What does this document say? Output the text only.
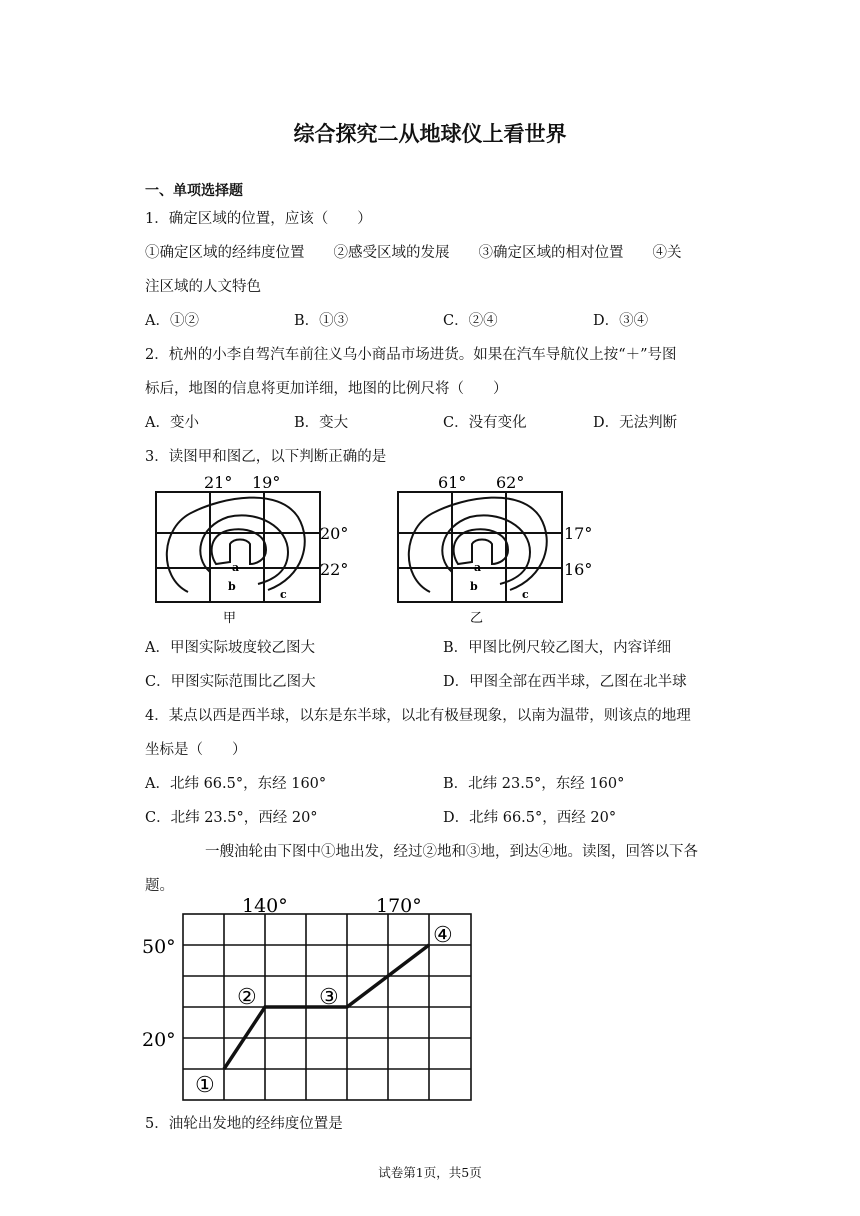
综合探究二从地球仪上看世界
一、单项选择题
1．确定区域的位置，应该（　　）
①确定区域的经纬度位置　　②感受区域的发展　　③确定区域的相对位置　　④关
注区域的人文特色
A．①②	B．①③	C．②④	D．③④
2．杭州的小李自驾汽车前往义乌小商品市场进货。如果在汽车导航仪上按“＋”号图
标后，地图的信息将更加详细，地图的比例尺将（　　）
A．变小	B．变大	C．没有变化	D．无法判断
3．读图甲和图乙，以下判断正确的是
21° 19°
20°
22°
a
b
c
甲
61° 62°
17°
16°
a
b
c
乙
A．甲图实际坡度较乙图大	B．甲图比例尺较乙图大，内容详细
C．甲图实际范围比乙图大	D．甲图全部在西半球，乙图在北半球
4．某点以西是西半球，以东是东半球，以北有极昼现象，以南为温带，则该点的地理
坐标是（　　）
A．北纬 66.5°，东经 160°	B．北纬 23.5°，东经 160°
C．北纬 23.5°，西经 20°	D．北纬 66.5°，西经 20°
一艘油轮由下图中①地出发，经过②地和③地，到达④地。读图，回答以下各
题。
140°	170°
50°
20°
①
②	③
④
5．油轮出发地的经纬度位置是
试卷第1页，共5页
